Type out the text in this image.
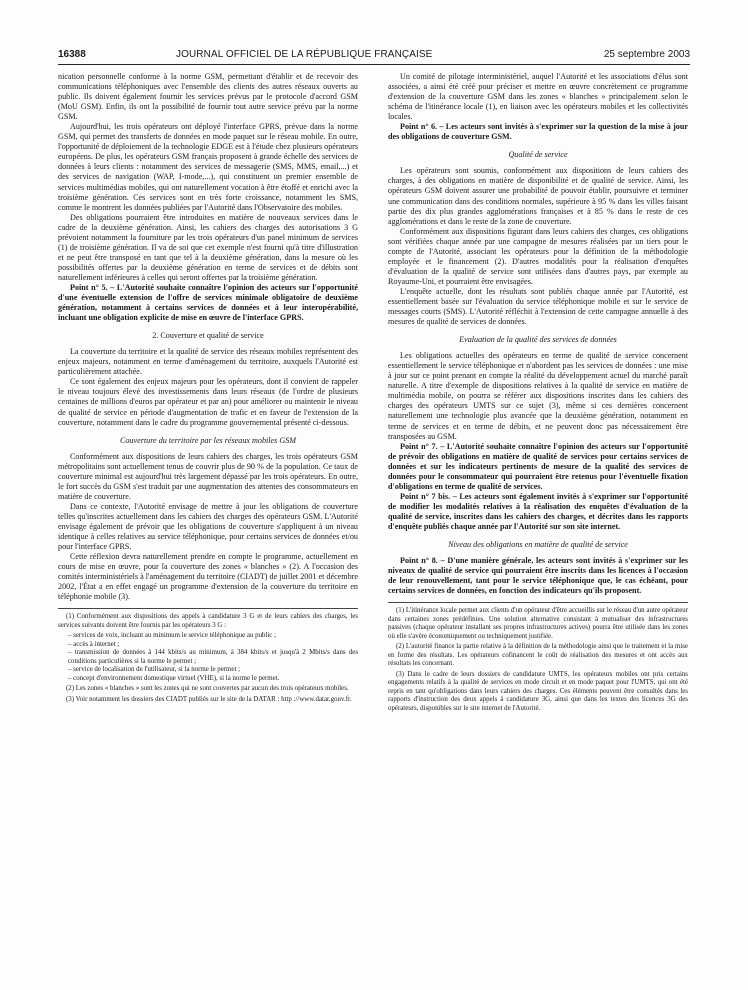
16388	JOURNAL OFFICIEL DE LA RÉPUBLIQUE FRANÇAISE	25 septembre 2003

nication personnelle conforme à la norme GSM, permettant d'établir et de recevoir des communications téléphoniques avec l'ensemble des clients des autres réseaux ouverts au public. Ils doivent également fournir les services prévus par le protocole d'accord GSM (MoU GSM). Enfin, ils ont la possibilité de fournir tout autre service prévu par la norme GSM.

Aujourd'hui, les trois opérateurs ont déployé l'interface GPRS, prévue dans la norme GSM, qui permet des transferts de données en mode paquet sur le réseau mobile. En outre, l'opportunité de déploiement de la technologie EDGE est à l'étude chez plusieurs opérateurs européens. De plus, les opérateurs GSM français proposent à grande échelle des services de données à leurs clients : notamment des services de messagerie (SMS, MMS, email,...) et des services de navigation (WAP, I-mode,...), qui constituent un premier ensemble de services multimédias mobiles, qui ont naturellement vocation à être étoffé et enrichi avec la troisième génération. Ces services sont en très forte croissance, notamment les SMS, comme le montrent les données publiées par l'Autorité dans l'Observatoire des mobiles.

Des obligations pourraient être introduites en matière de nouveaux services dans le cadre de la deuxième génération. Ainsi, les cahiers des charges des autorisations 3 G prévoient notamment la fourniture par les trois opérateurs d'un panel minimum de services (1) de troisième génération. Il va de soi que cet exemple n'est fourni qu'à titre d'illustration et ne peut être transposé en tant que tel à la deuxième génération, dans la mesure où les possibilités offertes par la deuxième génération en terme de services et de débits sont naturellement inférieures à celles qui seront offertes par la troisième génération.

Point n° 5. – L'Autorité souhaite connaître l'opinion des acteurs sur l'opportunité d'une éventuelle extension de l'offre de services minimale obligatoire de deuxième génération, notamment à certains services de données et à leur interopérabilité, incluant une obligation explicite de mise en œuvre de l'interface GPRS.

2. Couverture et qualité de service

La couverture du territoire et la qualité de service des réseaux mobiles représentent des enjeux majeurs, notamment en terme d'aménagement du territoire, auxquels l'Autorité est particulièrement attachée.

Ce sont également des enjeux majeurs pour les opérateurs, dont il convient de rappeler le niveau toujours élevé des investissements dans leurs réseaux (de l'ordre de plusieurs centaines de millions d'euros par opérateur et par an) pour améliorer ou maintenir le niveau de qualité de service en période d'augmentation de trafic et en faveur de l'extension de la couverture, notamment dans le cadre du programme gouvernemental présenté ci-dessous.

Couverture du territoire par les réseaux mobiles GSM

Conformément aux dispositions de leurs cahiers des charges, les trois opérateurs GSM métropolitains sont actuellement tenus de couvrir plus de 90 % de la population. Ce taux de couverture minimal est aujourd'hui très largement dépassé par les trois opérateurs. En outre, le fort succès du GSM s'est traduit par une augmentation des attentes des consommateurs en matière de couverture.

Dans ce contexte, l'Autorité envisage de mettre à jour les obligations de couverture telles qu'inscrites actuellement dans les cahiers des charges des opérateurs GSM. L'Autorité envisage également de prévoir que les obligations de couverture s'appliquent à un niveau identique à celles relatives au service téléphonique, pour certains services de données et/ou pour l'interface GPRS.

Cette réflexion devra naturellement prendre en compte le programme, actuellement en cours de mise en œuvre, pour la couverture des zones « blanches » (2). A l'occasion des comités interministériels à l'aménagement du territoire (CIADT) de juillet 2001 et décembre 2002, l'État a en effet engagé un programme d'extension de la couverture du territoire en téléphonie mobile (3).

(1) Conformément aux dispositions des appels à candidature 3 G et de leurs cahiers des charges, les services suivants doivent être fournis par les opérateurs 3 G :

– services de voix, incluant au minimum le service téléphonique au public ;
– accès à internet ;
– transmission de données à 144 kbits/s au minimum, à 384 kbits/s et jusqu'à 2 Mbits/s dans des conditions particulières si la norme le permet ;
– service de localisation de l'utilisateur, si la norme le permet ;
– concept d'environnement domestique virtuel (VHE), si la norme le permet.

(2) Les zones « blanches » sont les zones qui ne sont couvertes par aucun des trois opérateurs mobiles.

(3) Voir notamment les dossiers des CIADT publiés sur le site de la DATAR : http ://www.datar.gouv.fr.

Un comité de pilotage interministériel, auquel l'Autorité et les associations d'élus sont associées, a ainsi été créé pour préciser et mettre en œuvre concrètement ce programme d'extension de la couverture GSM dans les zones « blanches » principalement selon le schéma de l'itinérance locale (1), en liaison avec les opérateurs mobiles et les collectivités locales.

Point n° 6. – Les acteurs sont invités à s'exprimer sur la question de la mise à jour des obligations de couverture GSM.

Qualité de service

Les opérateurs sont soumis, conformément aux dispositions de leurs cahiers des charges, à des obligations en matière de disponibilité et de qualité de service. Ainsi, les opérateurs GSM doivent assurer une probabilité de pouvoir établir, poursuivre et terminer une communication dans des conditions normales, supérieure à 95 % dans les villes faisant partie des dix plus grandes agglomérations françaises et à 85 % dans le reste de ces agglomérations et dans le reste de la zone de couverture.

Conformément aux dispositions figurant dans leurs cahiers des charges, ces obligations sont vérifiées chaque année par une campagne de mesures réalisées par un tiers pour le compte de l'Autorité, associant les opérateurs pour la définition de la méthodologie employée et le financement (2). D'autres modalités pour la réalisation d'enquêtes d'évaluation de la qualité de service sont utilisées dans d'autres pays, par exemple au Royaume-Uni, et pourraient être envisagées.

L'enquête actuelle, dont les résultats sont publiés chaque année par l'Autorité, est essentiellement basée sur l'évaluation du service téléphonique mobile et sur le service de messages courts (SMS). L'Autorité réfléchit à l'extension de cette campagne annuelle à des mesures de qualité de services de données.

Evaluation de la qualité des services de données

Les obligations actuelles des opérateurs en terme de qualité de service concernent essentiellement le service téléphonique et n'abordent pas les services de données : une mise à jour sur ce point prenant en compte la réalité du développement actuel du marché paraît naturelle. A titre d'exemple de dispositions relatives à la qualité de service en matière de multimédia mobile, on pourra se référer aux dispositions inscrites dans les cahiers des charges des opérateurs UMTS sur ce sujet (3), même si ces dernières concernent naturellement une technologie plus avancée que la deuxième génération, notamment en terme de services et en terme de débits, et ne peuvent donc pas nécessairement être transposées au GSM.

Point n° 7. – L'Autorité souhaite connaître l'opinion des acteurs sur l'opportunité de prévoir des obligations en matière de qualité de services pour certains services de données et sur les indicateurs pertinents de mesure de la qualité des services de données pour le consommateur qui pourraient être retenus pour l'éventuelle fixation d'obligations en terme de qualité de services.

Point n° 7 bis. – Les acteurs sont également invités à s'exprimer sur l'opportunité de modifier les modalités relatives à la réalisation des enquêtes d'évaluation de la qualité de service, inscrites dans les cahiers des charges, et décrites dans les rapports d'enquête publiés chaque année par l'Autorité sur son site internet.

Niveau des obligations en matière de qualité de service

Point n° 8. – D'une manière générale, les acteurs sont invités à s'exprimer sur les niveaux de qualité de service qui pourraient être inscrits dans les licences à l'occasion de leur renouvellement, tant pour le service téléphonique que, le cas échéant, pour certains services de données, en fonction des indicateurs qu'ils proposent.

(1) L'itinérance locale permet aux clients d'un opérateur d'être accueillis sur le réseau d'un autre opérateur dans certaines zones prédéfinies. Une solution alternative consistant à mutualiser des infrastructures passives (chaque opérateur installant ses propres infrastructures actives) pourra être utilisée dans les zones où elle s'avère économiquement ou techniquement justifiée.

(2) L'autorité finance la partie relative à la définition de la méthodologie ainsi que le traitement et la mise en forme des résultats. Les opérateurs cofinancent le coût de réalisation des mesures et ont accès aux résultats les concernant.

(3) Dans le cadre de leurs dossiers de candidature UMTS, les opérateurs mobiles ont pris certains engagements relatifs à la qualité de services en mode circuit et en mode paquet pour l'UMTS, qui ont été repris en tant qu'obligations dans leurs cahiers des charges. Ces éléments peuvent être consultés dans les rapports d'instruction des deux appels à candidature 3G, ainsi que dans les textes des licences 3G des opérateurs, disponibles sur le site internet de l'Autorité.
